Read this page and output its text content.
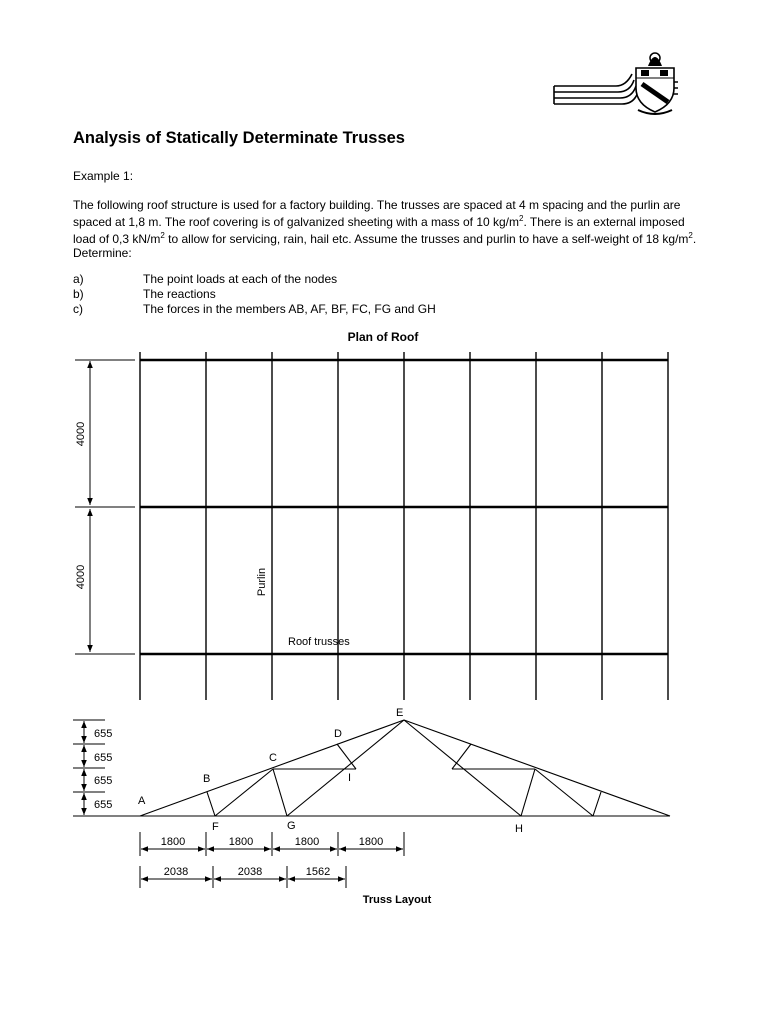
Analysis of Statically Determinate Trusses

Example 1:

The following roof structure is used for a factory building. The trusses are spaced at 4 m spacing and the purlin are spaced at 1,8 m. The roof covering is of galvanized sheeting with a mass of 10 $kg/m^2$. There is an external imposed load of 0,3 $kN/m^2$ to allow for servicing, rain, hail etc. Assume the trusses and purlin to have a self-weight of 18 $kg/m^2$. Determine:

a)	The point loads at each of the nodes
b)	The reactions
c)	The forces in the members AB, AF, BF, FC, FG and GH
Plan of Roof
4000
4000	Purlin
Roof trusses
A
B
C
D
E
F	G	H
I
655
655
655
655
1800	1800	1800	1800
2038	2038	1562
Truss Layout
